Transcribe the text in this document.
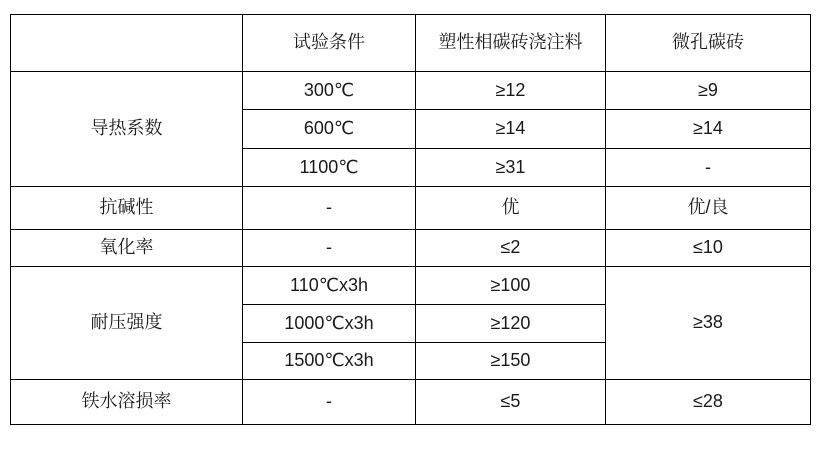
	试验条件	塑性相碳砖浇注料	微孔碳砖
导热系数	300℃	≥12	≥9
	600℃	≥14	≥14
	1100℃	≥31	-
抗碱性	-	优	优/良
氧化率	-	≤2	≤10
耐压强度	110℃x3h	≥100	≥38
	1000℃x3h	≥120	
	1500℃x3h	≥150	
铁水溶损率	-	≤5	≤28
